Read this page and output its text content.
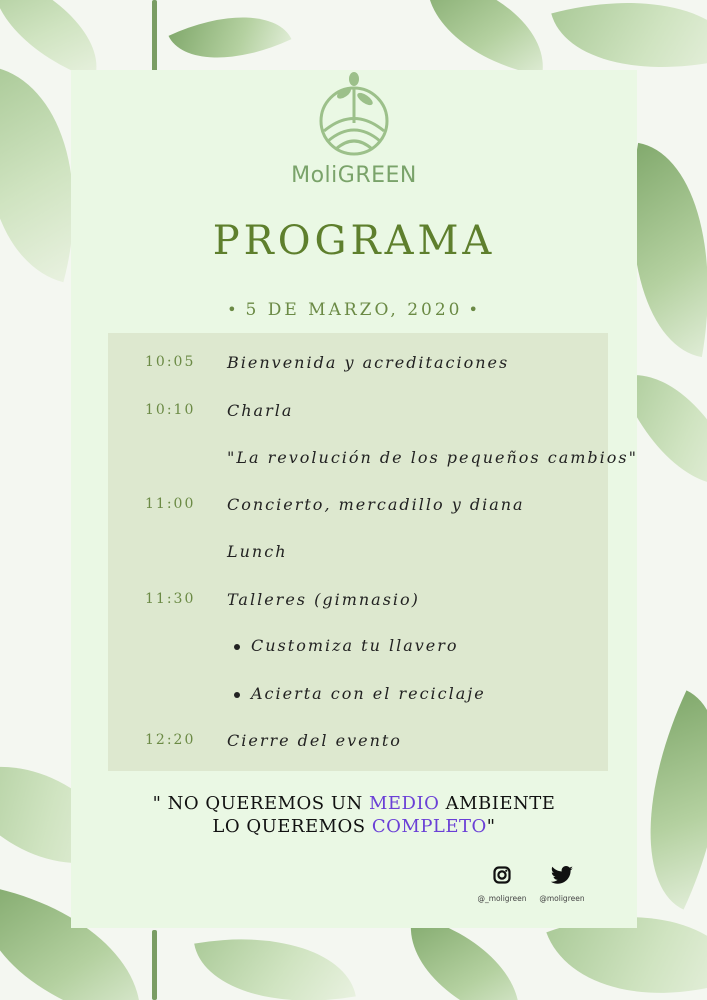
MoliGREEN
PROGRAMA
• 5 DE MARZO, 2020 •
10:05	Bienvenida y acreditaciones
10:10	Charla
"La revolución de los pequeños cambios"
11:00	Concierto, mercadillo y diana
Lunch
11:30	Talleres (gimnasio)
Customiza tu llavero
Acierta con el reciclaje
12:20	Cierre del evento
" NO QUEREMOS UN MEDIO AMBIENTE
LO QUEREMOS COMPLETO"
@_moligreen	@moligreen
